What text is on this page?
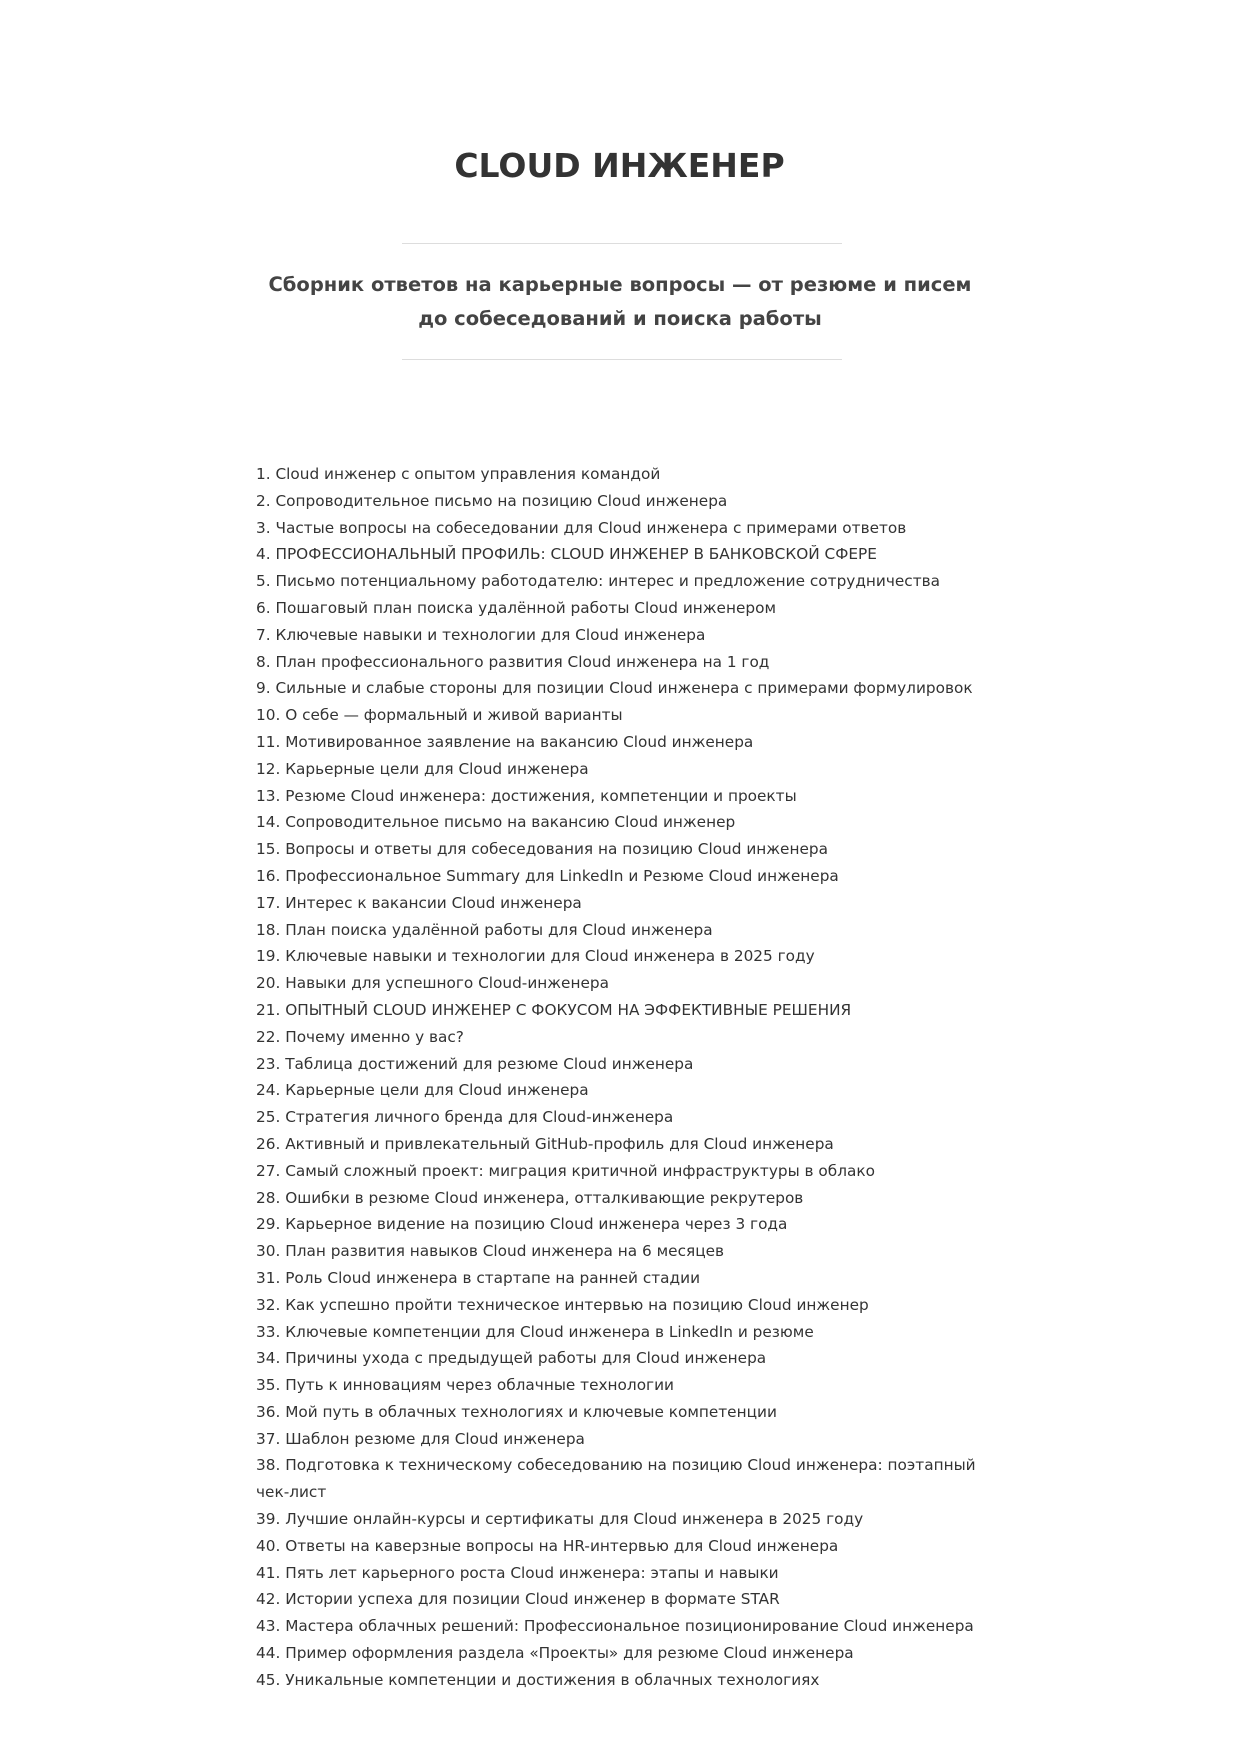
CLOUD ИНЖЕНЕР

Сборник ответов на карьерные вопросы — от резюме и писем до собеседований и поиска работы

1. Cloud инженер с опытом управления командой
2. Сопроводительное письмо на позицию Cloud инженера
3. Частые вопросы на собеседовании для Cloud инженера с примерами ответов
4. ПРОФЕССИОНАЛЬНЫЙ ПРОФИЛЬ: CLOUD ИНЖЕНЕР В БАНКОВСКОЙ СФЕРЕ
5. Письмо потенциальному работодателю: интерес и предложение сотрудничества
6. Пошаговый план поиска удалённой работы Cloud инженером
7. Ключевые навыки и технологии для Cloud инженера
8. План профессионального развития Cloud инженера на 1 год
9. Сильные и слабые стороны для позиции Cloud инженера с примерами формулировок
10. О себе — формальный и живой варианты
11. Мотивированное заявление на вакансию Cloud инженера
12. Карьерные цели для Cloud инженера
13. Резюме Cloud инженера: достижения, компетенции и проекты
14. Сопроводительное письмо на вакансию Cloud инженер
15. Вопросы и ответы для собеседования на позицию Cloud инженера
16. Профессиональное Summary для LinkedIn и Резюме Cloud инженера
17. Интерес к вакансии Cloud инженера
18. План поиска удалённой работы для Cloud инженера
19. Ключевые навыки и технологии для Cloud инженера в 2025 году
20. Навыки для успешного Cloud-инженера
21. ОПЫТНЫЙ CLOUD ИНЖЕНЕР С ФОКУСОМ НА ЭФФЕКТИВНЫЕ РЕШЕНИЯ
22. Почему именно у вас?
23. Таблица достижений для резюме Cloud инженера
24. Карьерные цели для Cloud инженера
25. Стратегия личного бренда для Cloud-инженера
26. Активный и привлекательный GitHub-профиль для Cloud инженера
27. Самый сложный проект: миграция критичной инфраструктуры в облако
28. Ошибки в резюме Cloud инженера, отталкивающие рекрутеров
29. Карьерное видение на позицию Cloud инженера через 3 года
30. План развития навыков Cloud инженера на 6 месяцев
31. Роль Cloud инженера в стартапе на ранней стадии
32. Как успешно пройти техническое интервью на позицию Cloud инженер
33. Ключевые компетенции для Cloud инженера в LinkedIn и резюме
34. Причины ухода с предыдущей работы для Cloud инженера
35. Путь к инновациям через облачные технологии
36. Мой путь в облачных технологиях и ключевые компетенции
37. Шаблон резюме для Cloud инженера
38. Подготовка к техническому собеседованию на позицию Cloud инженера: поэтапный чек-лист
39. Лучшие онлайн-курсы и сертификаты для Cloud инженера в 2025 году
40. Ответы на каверзные вопросы на HR-интервью для Cloud инженера
41. Пять лет карьерного роста Cloud инженера: этапы и навыки
42. Истории успеха для позиции Cloud инженер в формате STAR
43. Мастера облачных решений: Профессиональное позиционирование Cloud инженера
44. Пример оформления раздела «Проекты» для резюме Cloud инженера
45. Уникальные компетенции и достижения в облачных технологиях
